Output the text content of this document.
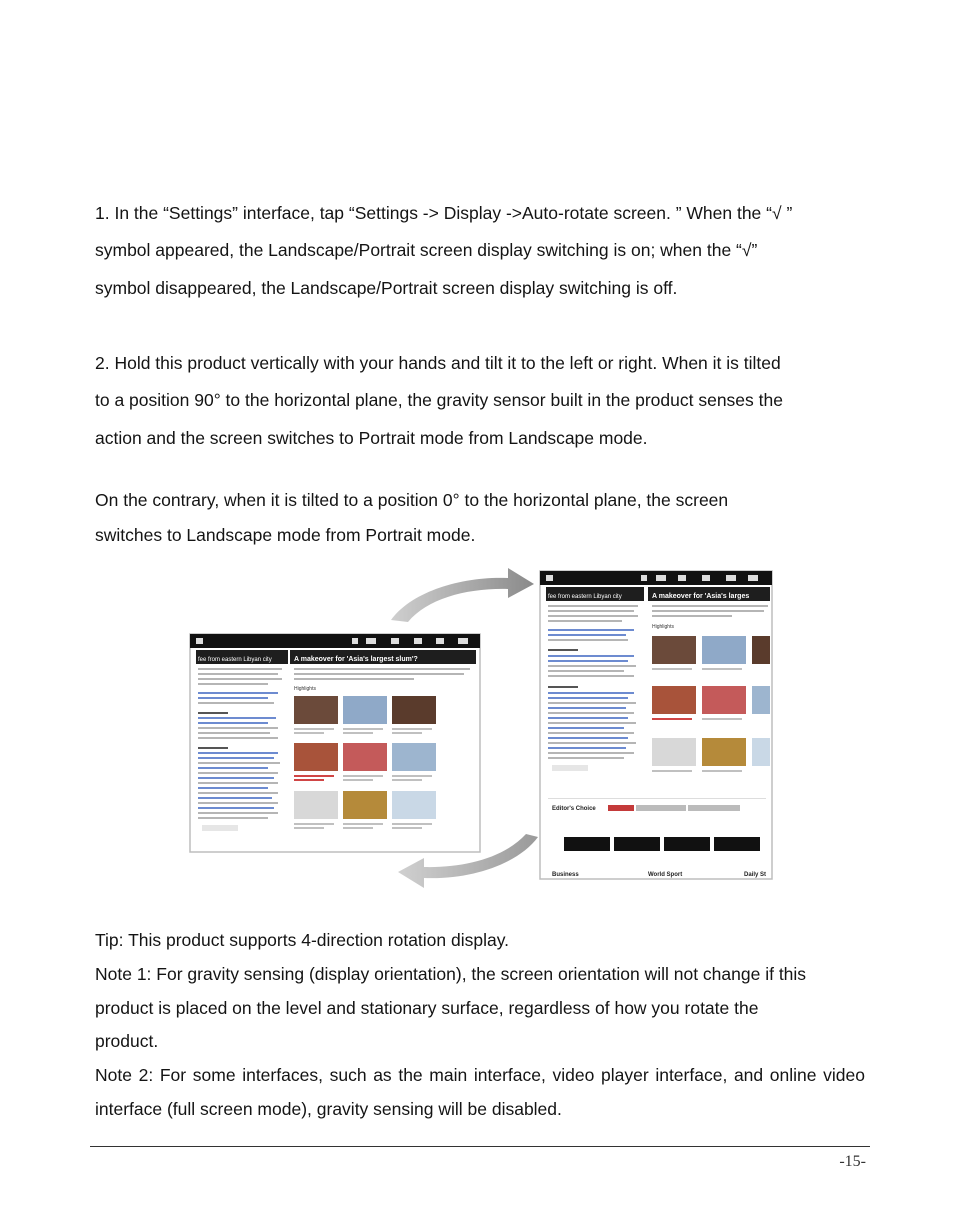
1. In the “Settings” interface, tap “Settings -> Display ->Auto-rotate screen. ” When the “√ ” symbol appeared, the Landscape/Portrait screen display switching is on; when the “√” symbol disappeared, the Landscape/Portrait screen display switching is off.

2. Hold this product vertically with your hands and tilt it to the left or right. When it is tilted to a position 90° to the horizontal plane, the gravity sensor built in the product senses the action and the screen switches to Portrait mode from Landscape mode.

On the contrary, when it is tilted to a position 0° to the horizontal plane, the screen switches to Landscape mode from Portrait mode.

fee from eastern Libyan city	A makeover for 'Asia's largest slum'?
Highlights
fee from eastern Libyan city	A makeover for 'Asia's larges
Highlights
Editor's Choice
Business	World Sport	Daily St

Tip: This product supports 4-direction rotation display.

Note 1: For gravity sensing (display orientation), the screen orientation will not change if this product is placed on the level and stationary surface, regardless of how you rotate the product.

Note 2: For some interfaces, such as the main interface, video player interface, and online video interface (full screen mode), gravity sensing will be disabled.

-15-
